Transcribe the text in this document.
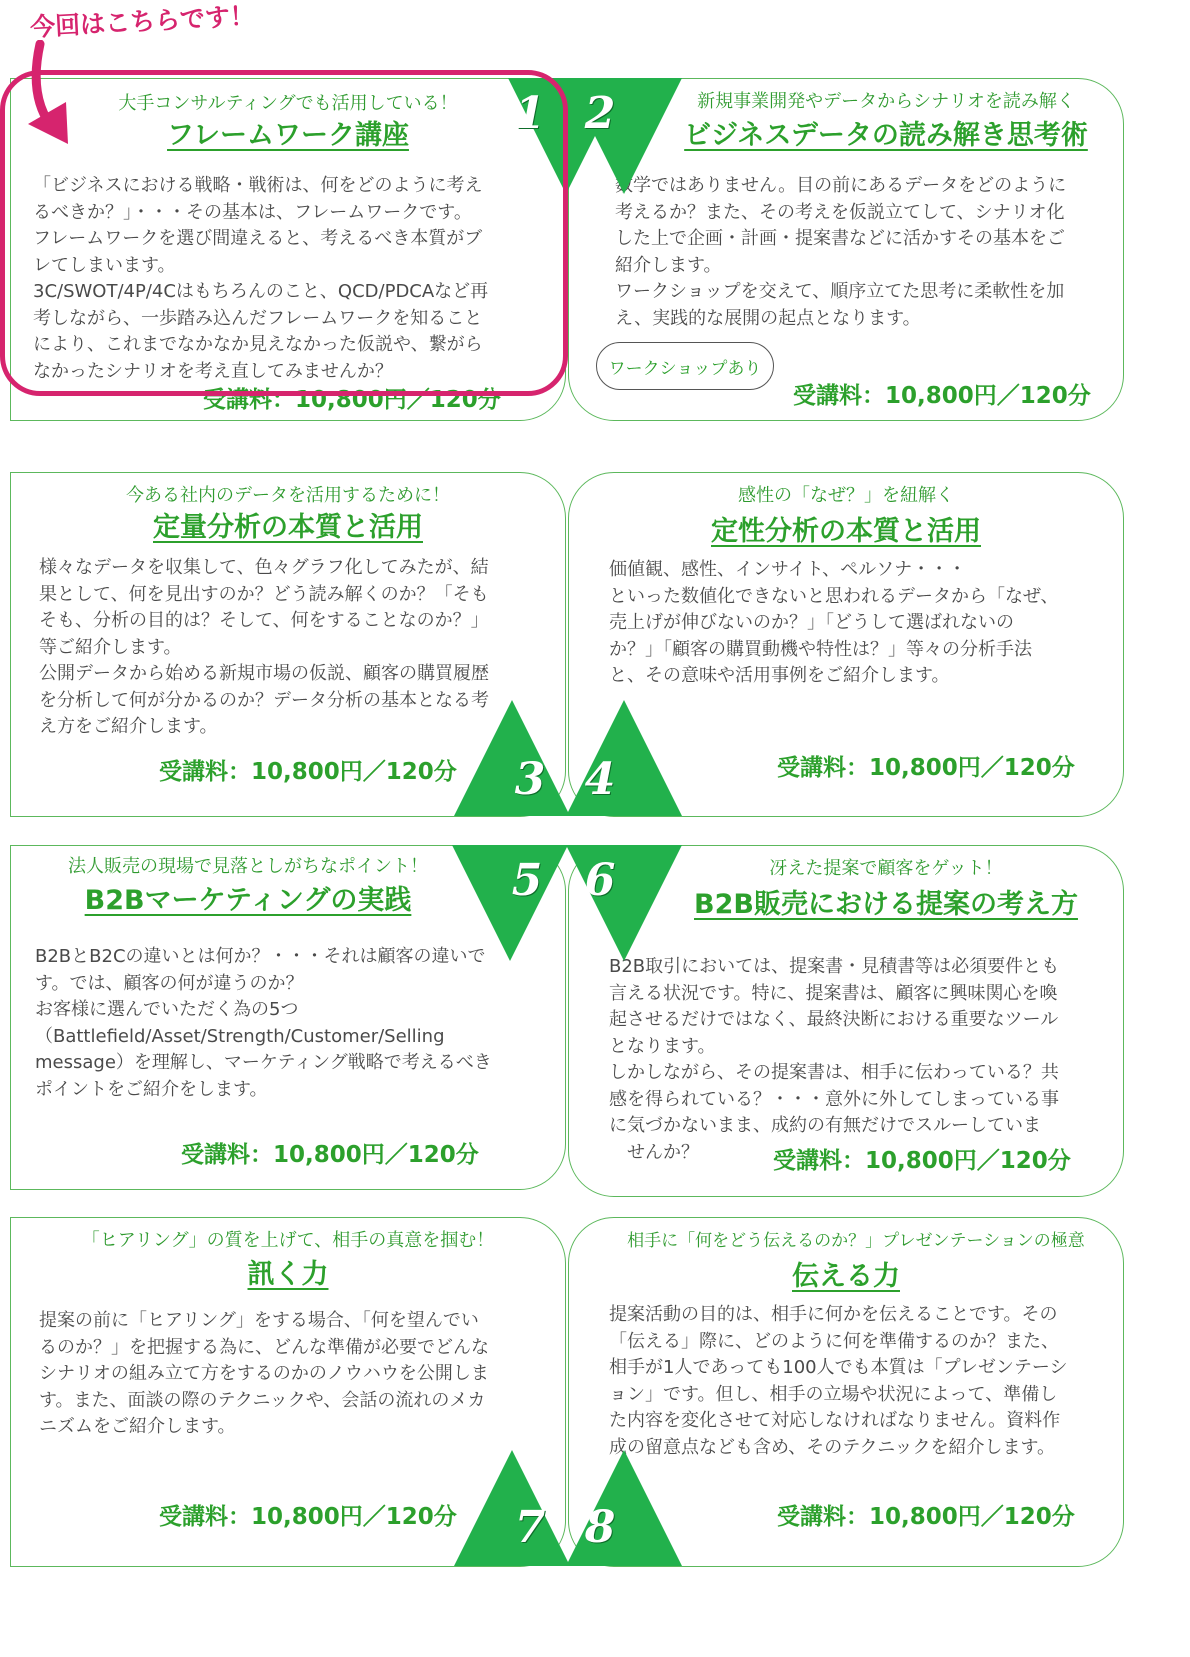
大手コンサルティングでも活用している！
フレームワーク講座
「ビジネスにおける戦略・戦術は、何をどのように考え
るべきか？」・・・その基本は、フレームワークです。
フレームワークを選び間違えると、考えるべき本質がブ
レてしまいます。
3C/SWOT/4P/4Cはもちろんのこと、QCD/PDCAなど再
考しながら、一歩踏み込んだフレームワークを知ること
により、これまでなかなか見えなかった仮説や、繋がら
なかったシナリオを考え直してみませんか？
受講料：10,800円／120分
新規事業開発やデータからシナリオを読み解く
ビジネスデータの読み解き思考術
数学ではありません。目の前にあるデータをどのように
考えるか？また、その考えを仮説立てして、シナリオ化
した上で企画・計画・提案書などに活かすその基本をご
紹介します。
ワークショップを交えて、順序立てた思考に柔軟性を加
え、実践的な展開の起点となります。
受講料：10,800円／120分
ワークショップあり
今ある社内のデータを活用するために！
定量分析の本質と活用
様々なデータを収集して、色々グラフ化してみたが、結
果として、何を見出すのか？どう読み解くのか？「そも
そも、分析の目的は？そして、何をすることなのか？」
等ご紹介します。
公開データから始める新規市場の仮説、顧客の購買履歴
を分析して何が分かるのか？データ分析の基本となる考
え方をご紹介します。
受講料：10,800円／120分
感性の「なぜ？」を紐解く
定性分析の本質と活用
価値観、感性、インサイト、ペルソナ・・・
といった数値化できないと思われるデータから「なぜ、
売上げが伸びないのか？」「どうして選ばれないの
か？」「顧客の購買動機や特性は？」等々の分析手法
と、その意味や活用事例をご紹介します。
受講料：10,800円／120分
法人販売の現場で見落としがちなポイント！
B2Bマーケティングの実践
B2BとB2Cの違いとは何か？・・・それは顧客の違いで
す。では、顧客の何が違うのか？
お客様に選んでいただく為の5つ
（Battlefield/Asset/Strength/Customer/Selling
message）を理解し、マーケティング戦略で考えるべき
ポイントをご紹介をします。
受講料：10,800円／120分
冴えた提案で顧客をゲット！
B2B販売における提案の考え方
B2B取引においては、提案書・見積書等は必須要件とも
言える状況です。特に、提案書は、顧客に興味関心を喚
起させるだけではなく、最終決断における重要なツール
となります。
しかしながら、その提案書は、相手に伝わっている？共
感を得られている？・・・意外に外してしまっている事
に気づかないまま、成約の有無だけでスルーしていま
　せんか？	受講料：10,800円／120分
「ヒアリング」の質を上げて、相手の真意を掴む！
訊く力
提案の前に「ヒアリング」をする場合、「何を望んでい
るのか？」を把握する為に、どんな準備が必要でどんな
シナリオの組み立て方をするのかのノウハウを公開しま
す。また、面談の際のテクニックや、会話の流れのメカ
ニズムをご紹介します。
受講料：10,800円／120分
相手に「何をどう伝えるのか？」プレゼンテーションの極意
伝える力
提案活動の目的は、相手に何かを伝えることです。その
「伝える」際に、どのように何を準備するのか？また、
相手が1人であっても100人でも本質は「プレゼンテーシ
ョン」です。但し、相手の立場や状況によって、準備し
た内容を変化させて対応しなければなりません。資料作
成の留意点なども含め、そのテクニックを紹介します。
受講料：10,800円／120分
1 2
3 4
5 6
7 8
今回はこちらです！
